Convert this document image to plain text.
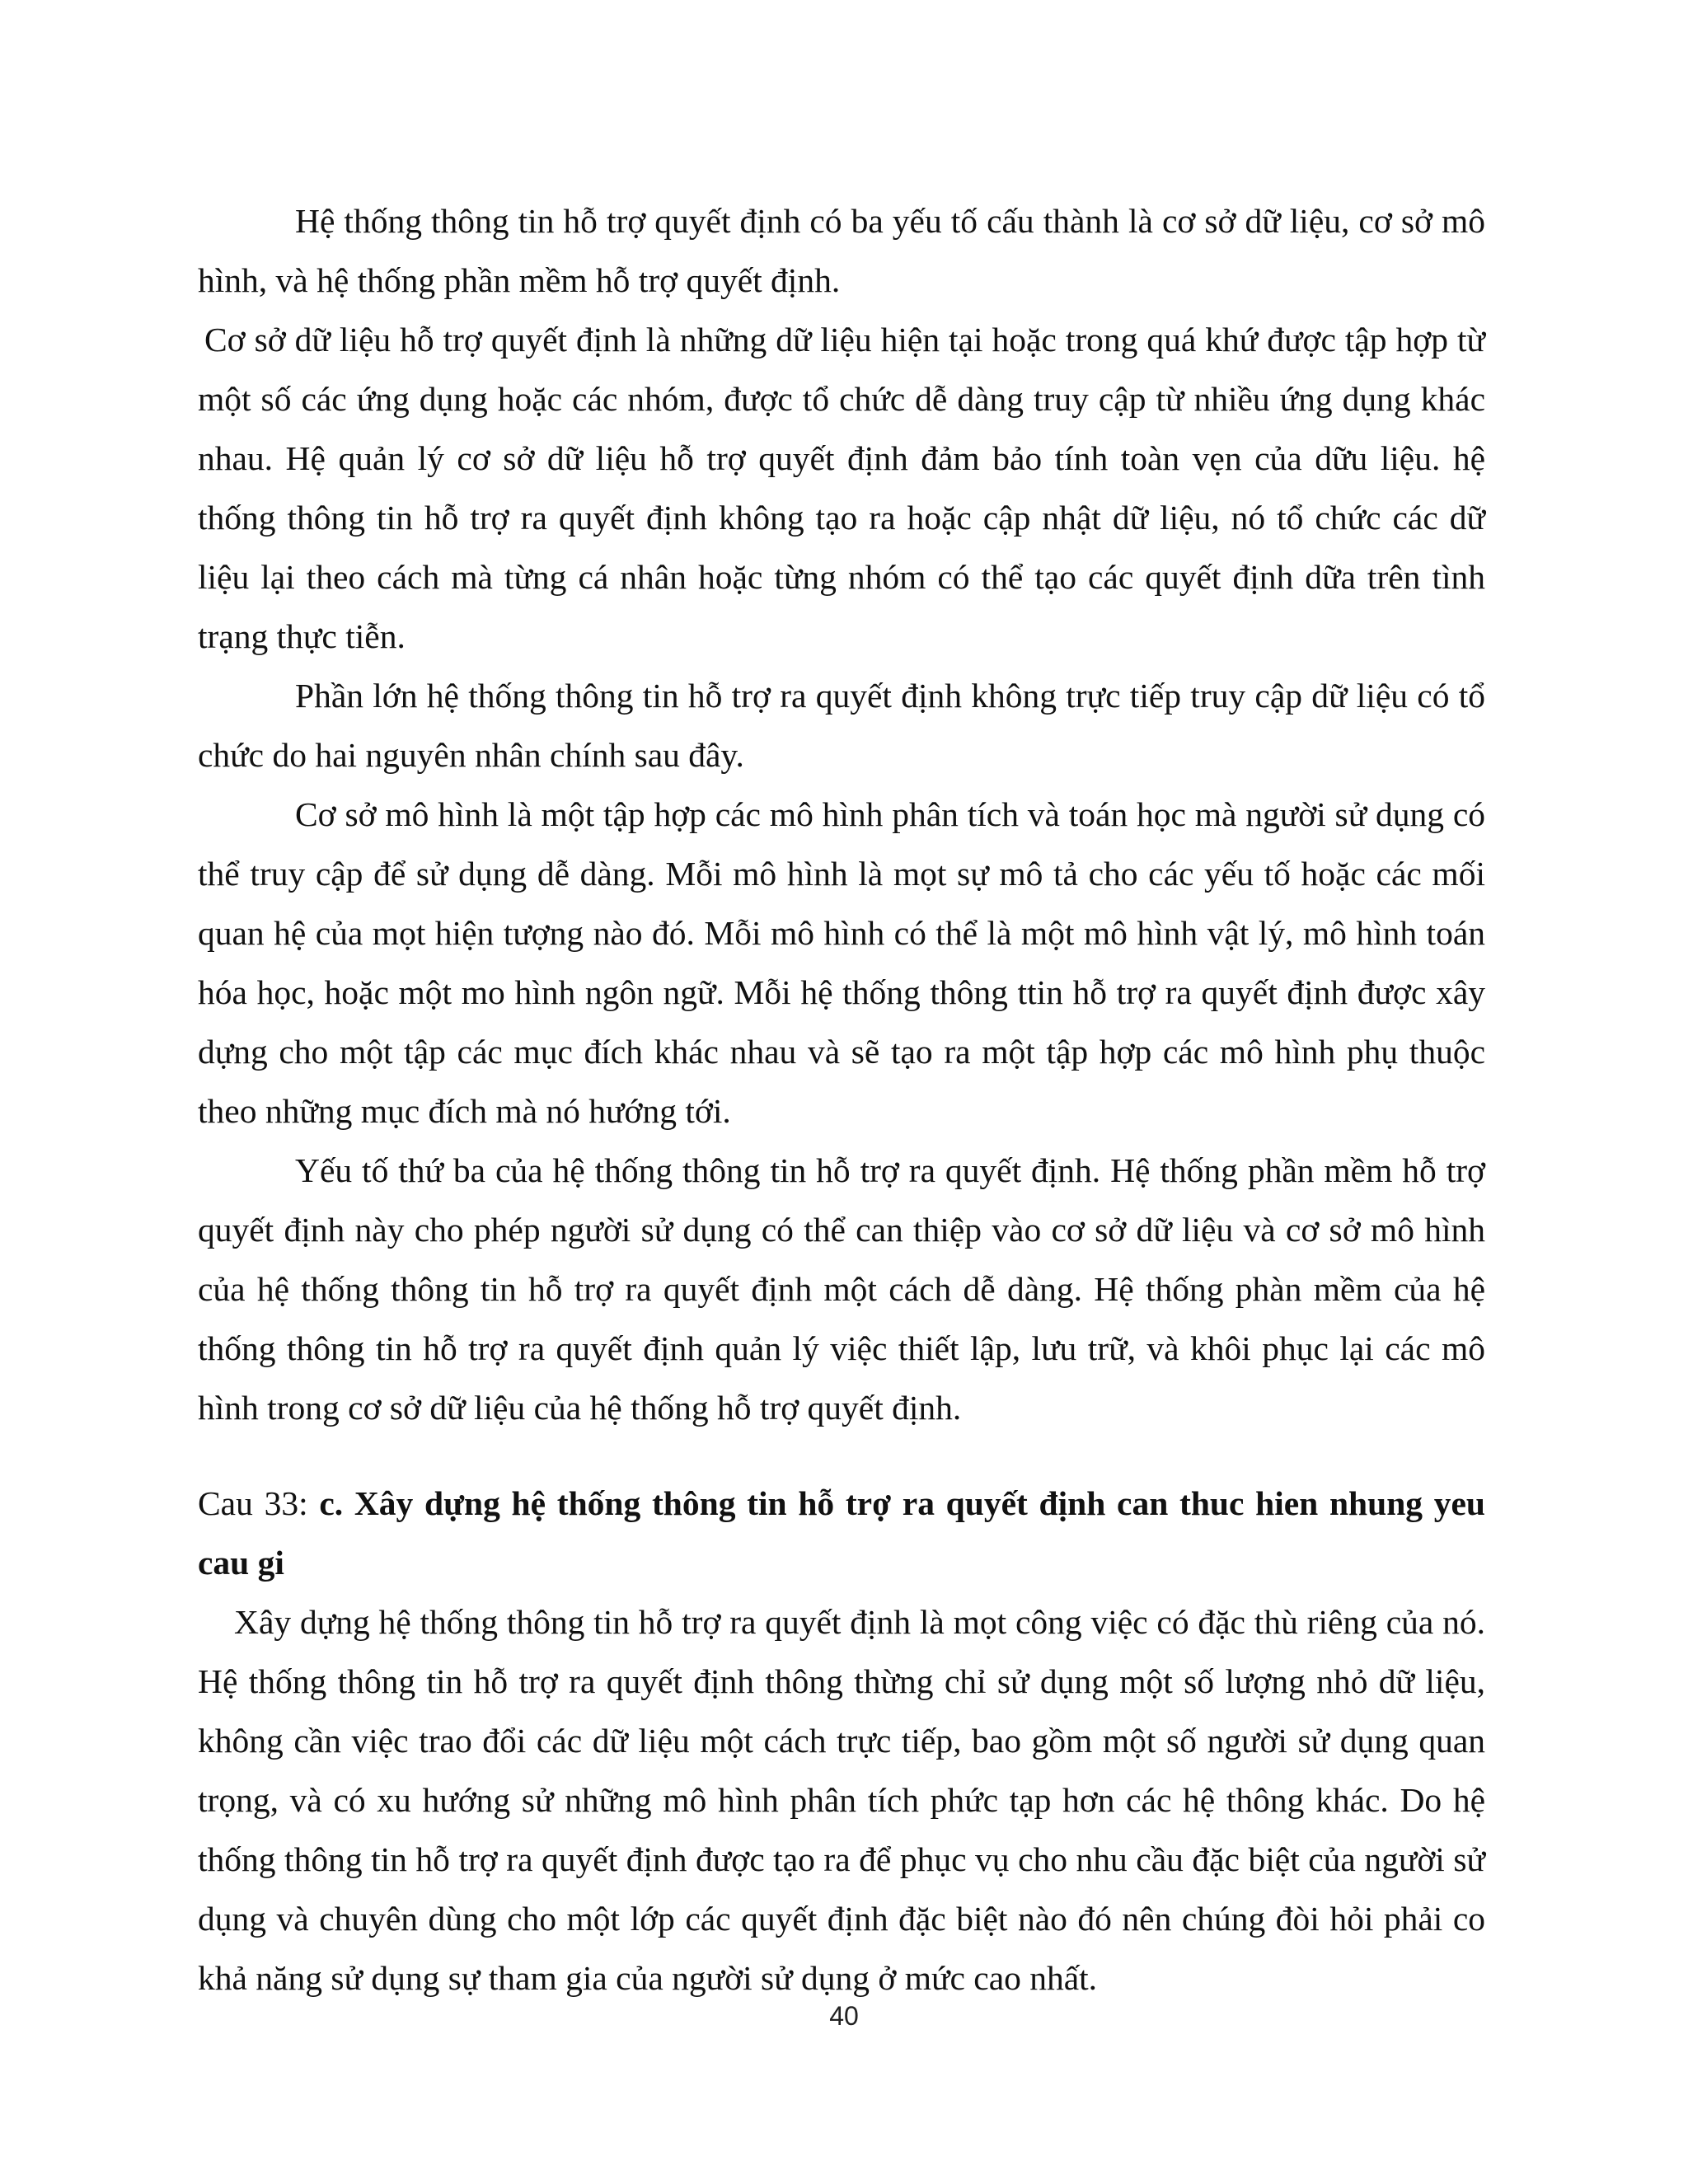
Hệ thống thông tin hỗ trợ quyết định có ba yếu tố cấu thành là cơ sở dữ liệu, cơ sở mô hình, và hệ thống phần mềm hỗ trợ quyết định.

Cơ sở dữ liệu hỗ trợ quyết định là những dữ liệu hiện tại hoặc trong quá khứ được tập hợp từ một số các ứng dụng hoặc các nhóm, được tổ chức dễ dàng truy cập từ nhiều ứng dụng khác nhau. Hệ quản lý cơ sở dữ liệu hỗ trợ quyết định đảm bảo tính toàn vẹn của dữu liệu. hệ thống thông tin hỗ trợ ra quyết định không tạo ra hoặc cập nhật dữ liệu, nó tổ chức các dữ liệu lại theo cách mà từng cá nhân hoặc từng nhóm có thể tạo các quyết định dữa trên tình trạng thực tiễn.

Phần lớn hệ thống thông tin hỗ trợ ra quyết định không trực tiếp truy cập dữ liệu có tổ chức do hai nguyên nhân chính sau đây.

Cơ sở mô hình là một tập hợp các mô hình phân tích và toán học mà người sử dụng có thể truy cập để sử dụng dễ dàng. Mỗi mô hình là mọt sự mô tả cho các yếu tố hoặc các mối quan hệ của mọt hiện tượng nào đó. Mỗi mô hình có thể là một mô hình vật lý, mô hình toán hóa học, hoặc một mo hình ngôn ngữ. Mỗi hệ thống thông ttin hỗ trợ ra quyết định được xây dựng cho một tập các mục đích khác nhau và sẽ tạo ra một tập hợp các mô hình phụ thuộc theo những mục đích mà nó hướng tới.

Yếu tố thứ ba của hệ thống thông tin hỗ trợ ra quyết định. Hệ thống phần mềm hỗ trợ quyết định này cho phép người sử dụng có thể can thiệp vào cơ sở dữ liệu và cơ sở mô hình của hệ thống thông tin hỗ trợ ra quyết định một cách dễ dàng. Hệ thống phàn mềm của hệ thống thông tin hỗ trợ ra quyết định quản lý việc thiết lập, lưu trữ, và khôi phục lại các mô hình trong cơ sở dữ liệu của hệ thống hỗ trợ quyết định.

Cau 33: c. Xây dựng hệ thống thông tin hỗ trợ ra quyết định can thuc hien nhung yeu cau gi

Xây dựng hệ thống thông tin hỗ trợ ra quyết định là mọt công việc có đặc thù riêng của nó. Hệ thống thông tin hỗ trợ ra quyết định thông thừng chỉ sử dụng một số lượng nhỏ dữ liệu, không cần việc trao đổi các dữ liệu một cách trực tiếp, bao gồm một số người sử dụng quan trọng, và có xu hướng sử những mô hình phân tích phức tạp hơn các hệ thông khác. Do hệ thống thông tin hỗ trợ ra quyết định được tạo ra để phục vụ cho nhu cầu đặc biệt của người sử dụng và chuyên dùng cho một lớp các quyết định đặc biệt nào đó nên chúng đòi hỏi phải co khả năng sử dụng sự tham gia của người sử dụng ở mức cao nhất.

40
